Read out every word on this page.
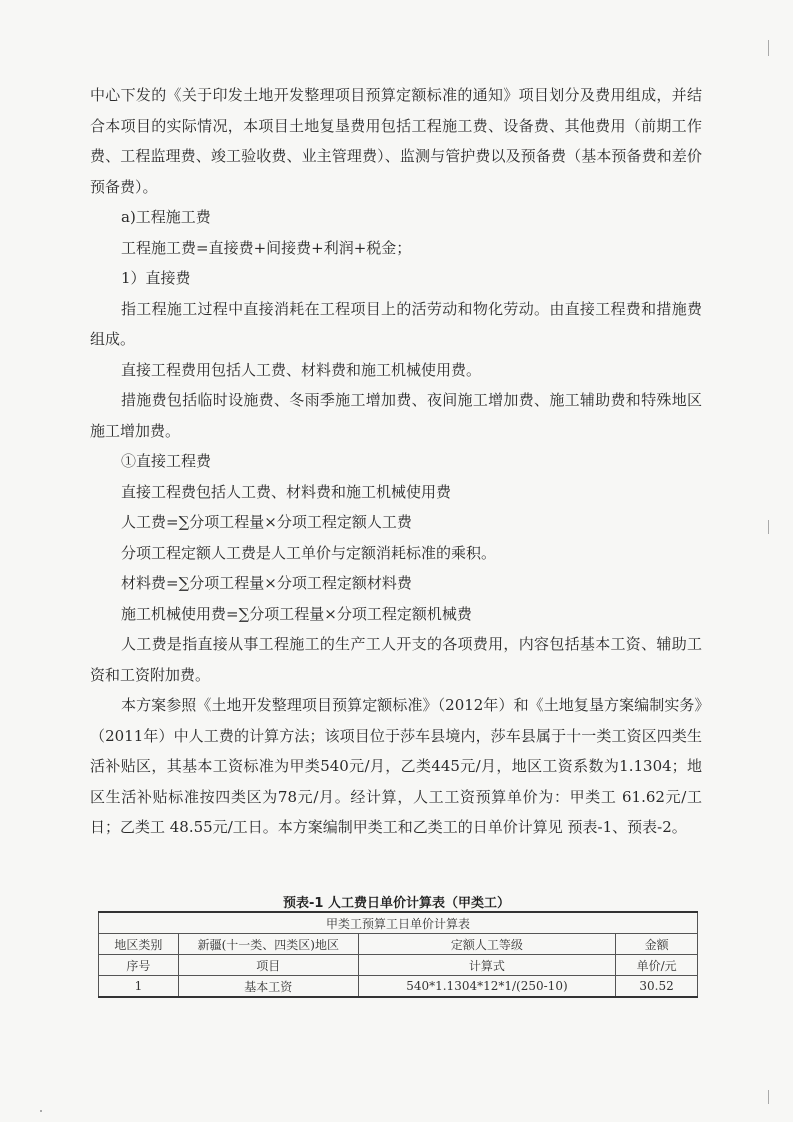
中心下发的《关于印发土地开发整理项目预算定额标准的通知》项目划分及费用组成，并结合本项目的实际情况，本项目土地复垦费用包括工程施工费、设备费、其他费用（前期工作费、工程监理费、竣工验收费、业主管理费）、监测与管护费以及预备费（基本预备费和差价预备费）。

a)工程施工费

工程施工费=直接费+间接费+利润+税金；

1）直接费

指工程施工过程中直接消耗在工程项目上的活劳动和物化劳动。由直接工程费和措施费组成。

直接工程费用包括人工费、材料费和施工机械使用费。

措施费包括临时设施费、冬雨季施工增加费、夜间施工增加费、施工辅助费和特殊地区施工增加费。

①直接工程费

直接工程费包括人工费、材料费和施工机械使用费

人工费=∑分项工程量×分项工程定额人工费

分项工程定额人工费是人工单价与定额消耗标准的乘积。

材料费=∑分项工程量×分项工程定额材料费

施工机械使用费=∑分项工程量×分项工程定额机械费

人工费是指直接从事工程施工的生产工人开支的各项费用，内容包括基本工资、辅助工资和工资附加费。

本方案参照《土地开发整理项目预算定额标准》（2012年）和《土地复垦方案编制实务》（2011年）中人工费的计算方法；该项目位于莎车县境内，莎车县属于十一类工资区四类生活补贴区，其基本工资标准为甲类540元/月，乙类445元/月，地区工资系数为1.1304；地区生活补贴标准按四类区为78元/月。经计算，人工工资预算单价为：甲类工 61.62元/工日；乙类工 48.55元/工日。本方案编制甲类工和乙类工的日单价计算见 预表-1、预表-2。

预表-1 人工费日单价计算表（甲类工）
甲类工预算工日单价计算表			
地区类别	新疆(十一类、四类区)地区	定额人工等级	金额
序号	项目	计算式	单价/元
1	基本工资	540*1.1304*12*1/(250-10)	30.52
